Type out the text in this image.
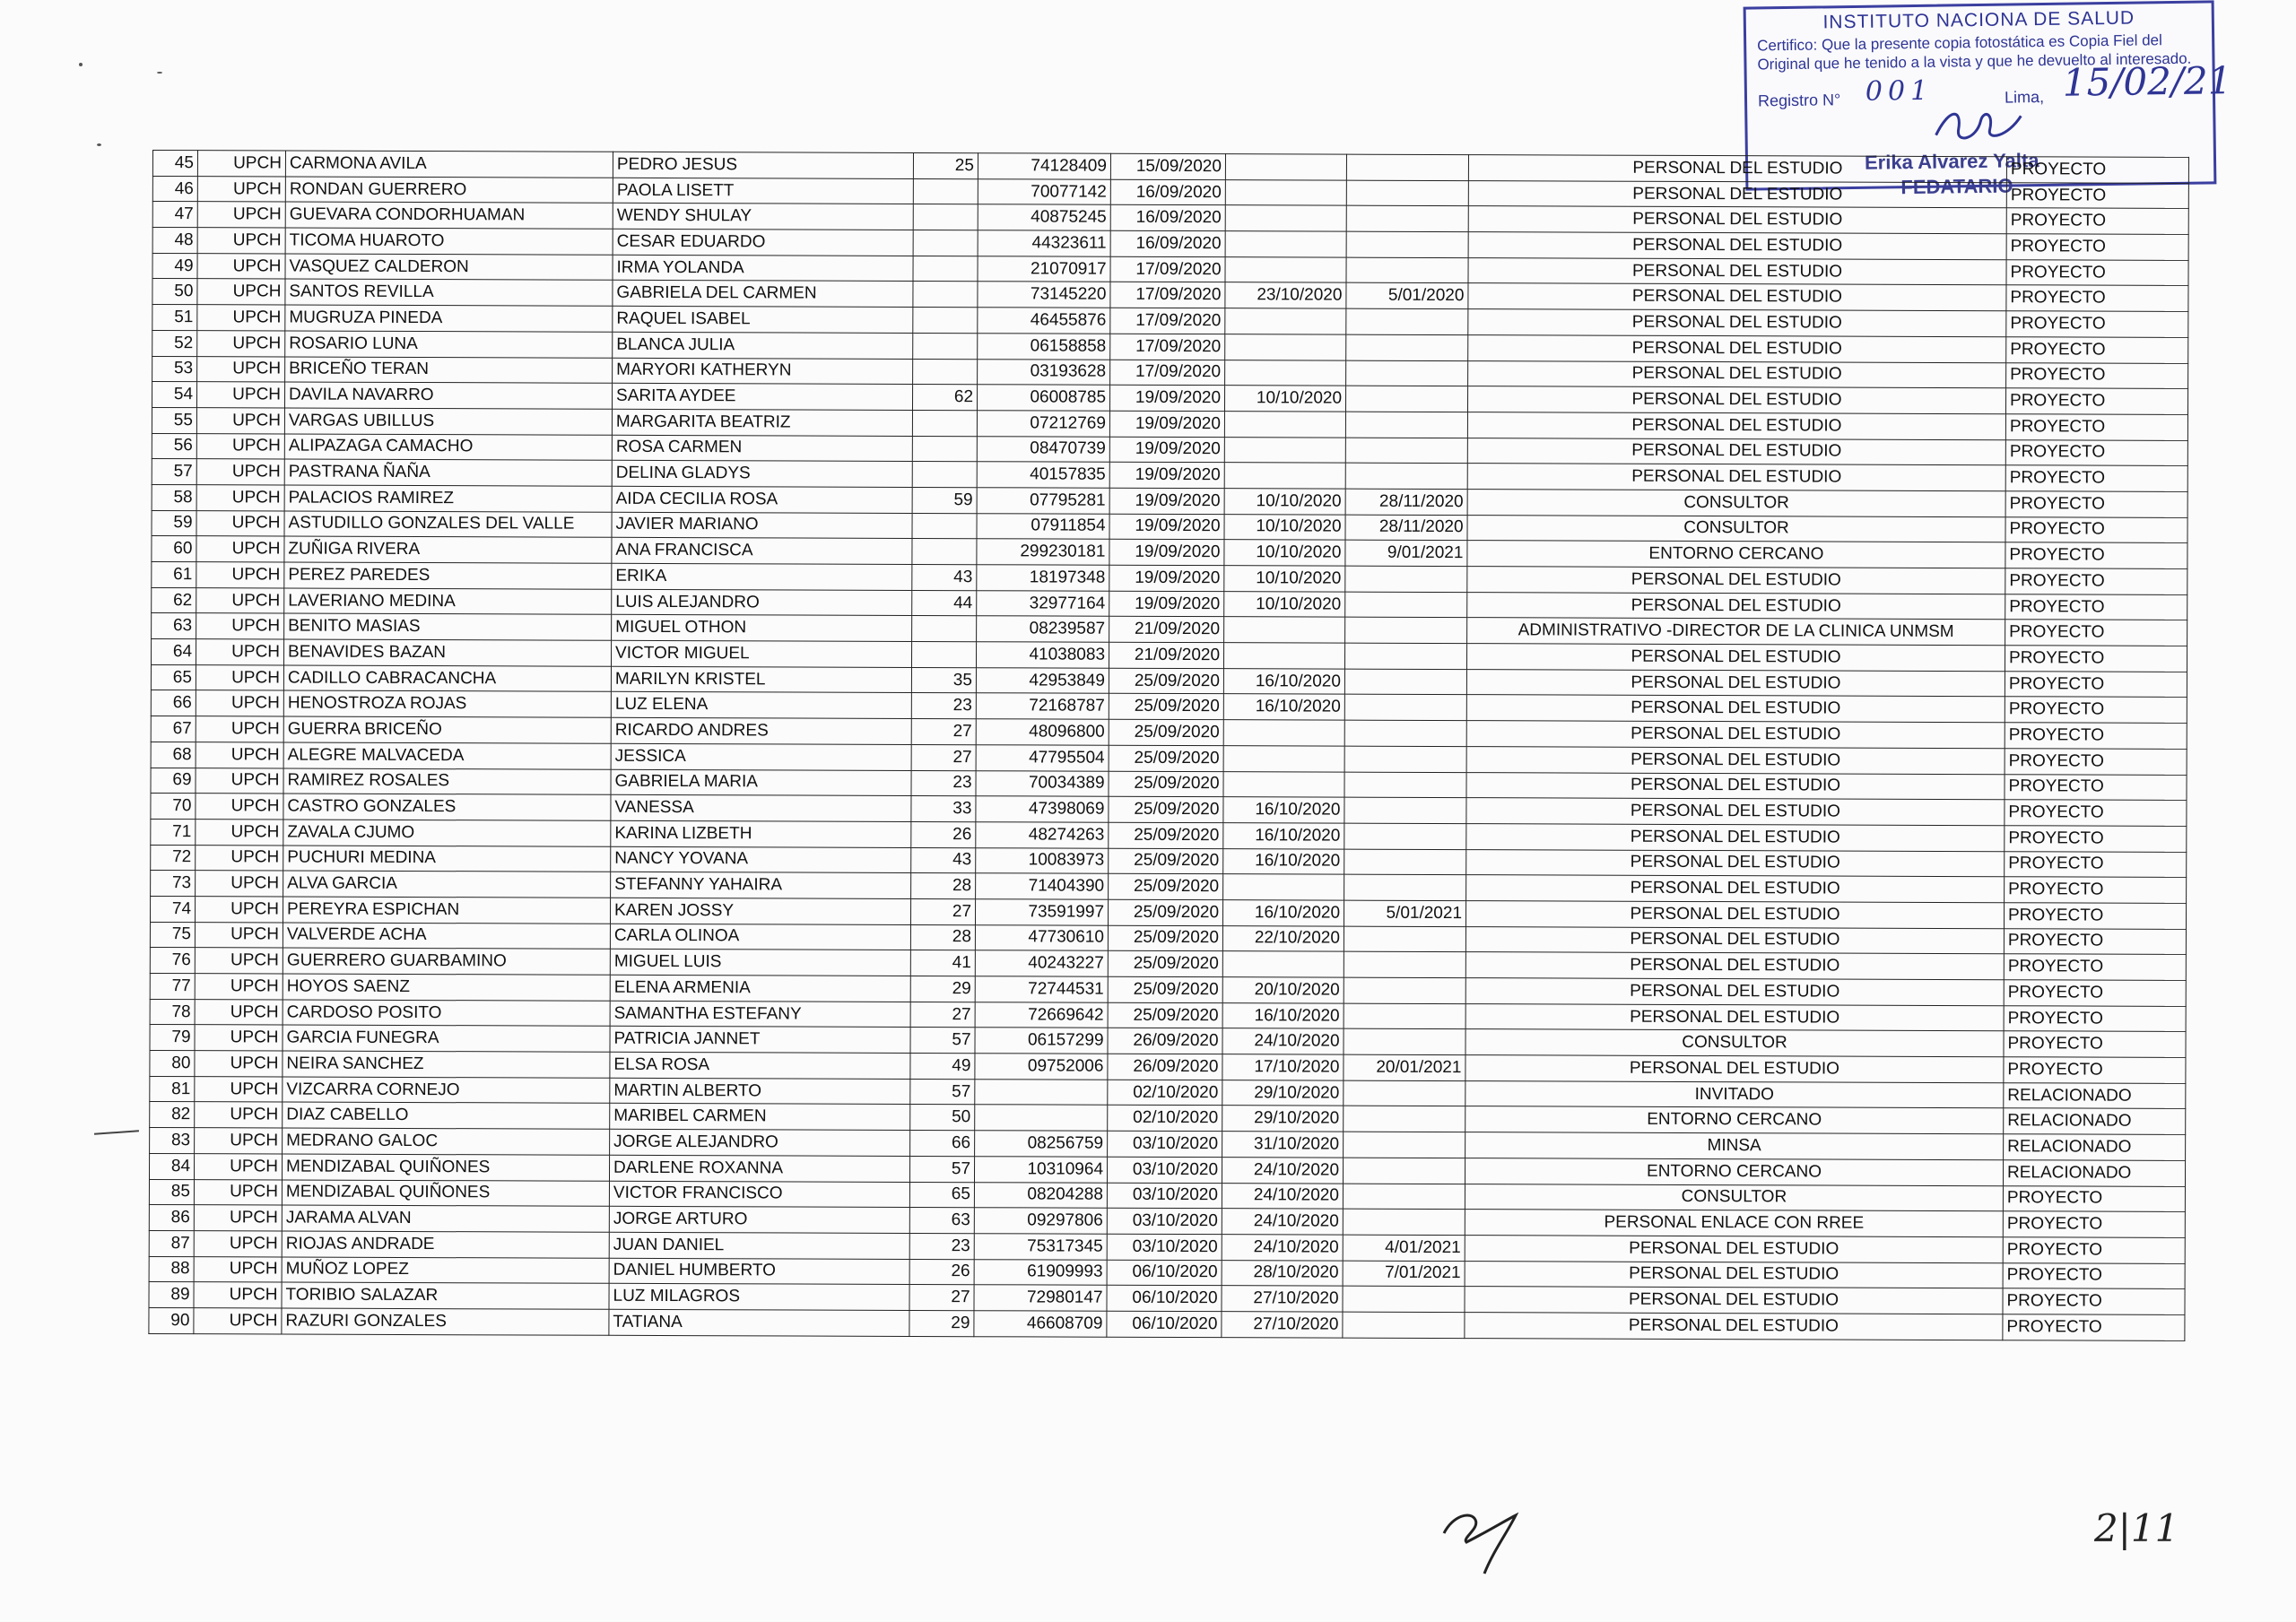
INSTITUTO NACIONA DE SALUD
Certifico: Que la presente copia fotostática es Copia Fiel del Original que he tenido a la vista y que he devuelto al interesado.
Registro N° 001	Lima, 15/02/21
Erika Alvarez Yalta
FEDATARIO
45	UPCH	CARMONA AVILA	PEDRO JESUS	25	74128409	15/09/2020			PERSONAL DEL ESTUDIO	PROYECTO
46	UPCH	RONDAN GUERRERO	PAOLA LISETT		70077142	16/09/2020			PERSONAL DEL ESTUDIO	PROYECTO
47	UPCH	GUEVARA CONDORHUAMAN	WENDY SHULAY		40875245	16/09/2020			PERSONAL DEL ESTUDIO	PROYECTO
48	UPCH	TICOMA HUAROTO	CESAR EDUARDO		44323611	16/09/2020			PERSONAL DEL ESTUDIO	PROYECTO
49	UPCH	VASQUEZ CALDERON	IRMA YOLANDA		21070917	17/09/2020			PERSONAL DEL ESTUDIO	PROYECTO
50	UPCH	SANTOS REVILLA	GABRIELA DEL CARMEN		73145220	17/09/2020	23/10/2020	5/01/2020	PERSONAL DEL ESTUDIO	PROYECTO
51	UPCH	MUGRUZA PINEDA	RAQUEL ISABEL		46455876	17/09/2020			PERSONAL DEL ESTUDIO	PROYECTO
52	UPCH	ROSARIO LUNA	BLANCA JULIA		06158858	17/09/2020			PERSONAL DEL ESTUDIO	PROYECTO
53	UPCH	BRICEÑO TERAN	MARYORI KATHERYN		03193628	17/09/2020			PERSONAL DEL ESTUDIO	PROYECTO
54	UPCH	DAVILA NAVARRO	SARITA AYDEE	62	06008785	19/09/2020	10/10/2020		PERSONAL DEL ESTUDIO	PROYECTO
55	UPCH	VARGAS UBILLUS	MARGARITA BEATRIZ		07212769	19/09/2020			PERSONAL DEL ESTUDIO	PROYECTO
56	UPCH	ALIPAZAGA CAMACHO	ROSA CARMEN		08470739	19/09/2020			PERSONAL DEL ESTUDIO	PROYECTO
57	UPCH	PASTRANA ÑAÑA	DELINA GLADYS		40157835	19/09/2020			PERSONAL DEL ESTUDIO	PROYECTO
58	UPCH	PALACIOS RAMIREZ	AIDA CECILIA ROSA	59	07795281	19/09/2020	10/10/2020	28/11/2020	CONSULTOR	PROYECTO
59	UPCH	ASTUDILLO GONZALES DEL VALLE	JAVIER MARIANO		07911854	19/09/2020	10/10/2020	28/11/2020	CONSULTOR	PROYECTO
60	UPCH	ZUÑIGA RIVERA	ANA FRANCISCA		299230181	19/09/2020	10/10/2020	9/01/2021	ENTORNO CERCANO	PROYECTO
61	UPCH	PEREZ PAREDES	ERIKA	43	18197348	19/09/2020	10/10/2020		PERSONAL DEL ESTUDIO	PROYECTO
62	UPCH	LAVERIANO MEDINA	LUIS ALEJANDRO	44	32977164	19/09/2020	10/10/2020		PERSONAL DEL ESTUDIO	PROYECTO
63	UPCH	BENITO MASIAS	MIGUEL OTHON		08239587	21/09/2020			ADMINISTRATIVO -DIRECTOR DE LA CLINICA UNMSM	PROYECTO
64	UPCH	BENAVIDES BAZAN	VICTOR MIGUEL		41038083	21/09/2020			PERSONAL DEL ESTUDIO	PROYECTO
65	UPCH	CADILLO CABRACANCHA	MARILYN KRISTEL	35	42953849	25/09/2020	16/10/2020		PERSONAL DEL ESTUDIO	PROYECTO
66	UPCH	HENOSTROZA ROJAS	LUZ ELENA	23	72168787	25/09/2020	16/10/2020		PERSONAL DEL ESTUDIO	PROYECTO
67	UPCH	GUERRA BRICEÑO	RICARDO ANDRES	27	48096800	25/09/2020			PERSONAL DEL ESTUDIO	PROYECTO
68	UPCH	ALEGRE MALVACEDA	JESSICA	27	47795504	25/09/2020			PERSONAL DEL ESTUDIO	PROYECTO
69	UPCH	RAMIREZ ROSALES	GABRIELA MARIA	23	70034389	25/09/2020			PERSONAL DEL ESTUDIO	PROYECTO
70	UPCH	CASTRO GONZALES	VANESSA	33	47398069	25/09/2020	16/10/2020		PERSONAL DEL ESTUDIO	PROYECTO
71	UPCH	ZAVALA CJUMO	KARINA LIZBETH	26	48274263	25/09/2020	16/10/2020		PERSONAL DEL ESTUDIO	PROYECTO
72	UPCH	PUCHURI MEDINA	NANCY YOVANA	43	10083973	25/09/2020	16/10/2020		PERSONAL DEL ESTUDIO	PROYECTO
73	UPCH	ALVA GARCIA	STEFANNY YAHAIRA	28	71404390	25/09/2020			PERSONAL DEL ESTUDIO	PROYECTO
74	UPCH	PEREYRA ESPICHAN	KAREN JOSSY	27	73591997	25/09/2020	16/10/2020	5/01/2021	PERSONAL DEL ESTUDIO	PROYECTO
75	UPCH	VALVERDE ACHA	CARLA OLINOA	28	47730610	25/09/2020	22/10/2020		PERSONAL DEL ESTUDIO	PROYECTO
76	UPCH	GUERRERO GUARBAMINO	MIGUEL LUIS	41	40243227	25/09/2020			PERSONAL DEL ESTUDIO	PROYECTO
77	UPCH	HOYOS SAENZ	ELENA ARMENIA	29	72744531	25/09/2020	20/10/2020		PERSONAL DEL ESTUDIO	PROYECTO
78	UPCH	CARDOSO POSITO	SAMANTHA ESTEFANY	27	72669642	25/09/2020	16/10/2020		PERSONAL DEL ESTUDIO	PROYECTO
79	UPCH	GARCIA FUNEGRA	PATRICIA JANNET	57	06157299	26/09/2020	24/10/2020		CONSULTOR	PROYECTO
80	UPCH	NEIRA SANCHEZ	ELSA ROSA	49	09752006	26/09/2020	17/10/2020	20/01/2021	PERSONAL DEL ESTUDIO	PROYECTO
81	UPCH	VIZCARRA CORNEJO	MARTIN ALBERTO	57		02/10/2020	29/10/2020		INVITADO	RELACIONADO
82	UPCH	DIAZ CABELLO	MARIBEL CARMEN	50		02/10/2020	29/10/2020		ENTORNO CERCANO	RELACIONADO
83	UPCH	MEDRANO GALOC	JORGE ALEJANDRO	66	08256759	03/10/2020	31/10/2020		MINSA	RELACIONADO
84	UPCH	MENDIZABAL QUIÑONES	DARLENE ROXANNA	57	10310964	03/10/2020	24/10/2020		ENTORNO CERCANO	RELACIONADO
85	UPCH	MENDIZABAL QUIÑONES	VICTOR FRANCISCO	65	08204288	03/10/2020	24/10/2020		CONSULTOR	PROYECTO
86	UPCH	JARAMA ALVAN	JORGE ARTURO	63	09297806	03/10/2020	24/10/2020		PERSONAL ENLACE CON RREE	PROYECTO
87	UPCH	RIOJAS ANDRADE	JUAN DANIEL	23	75317345	03/10/2020	24/10/2020	4/01/2021	PERSONAL DEL ESTUDIO	PROYECTO
88	UPCH	MUÑOZ LOPEZ	DANIEL HUMBERTO	26	61909993	06/10/2020	28/10/2020	7/01/2021	PERSONAL DEL ESTUDIO	PROYECTO
89	UPCH	TORIBIO SALAZAR	LUZ MILAGROS	27	72980147	06/10/2020	27/10/2020		PERSONAL DEL ESTUDIO	PROYECTO
90	UPCH	RAZURI GONZALES	TATIANA	29	46608709	06/10/2020	27/10/2020		PERSONAL DEL ESTUDIO	PROYECTO
2|11
